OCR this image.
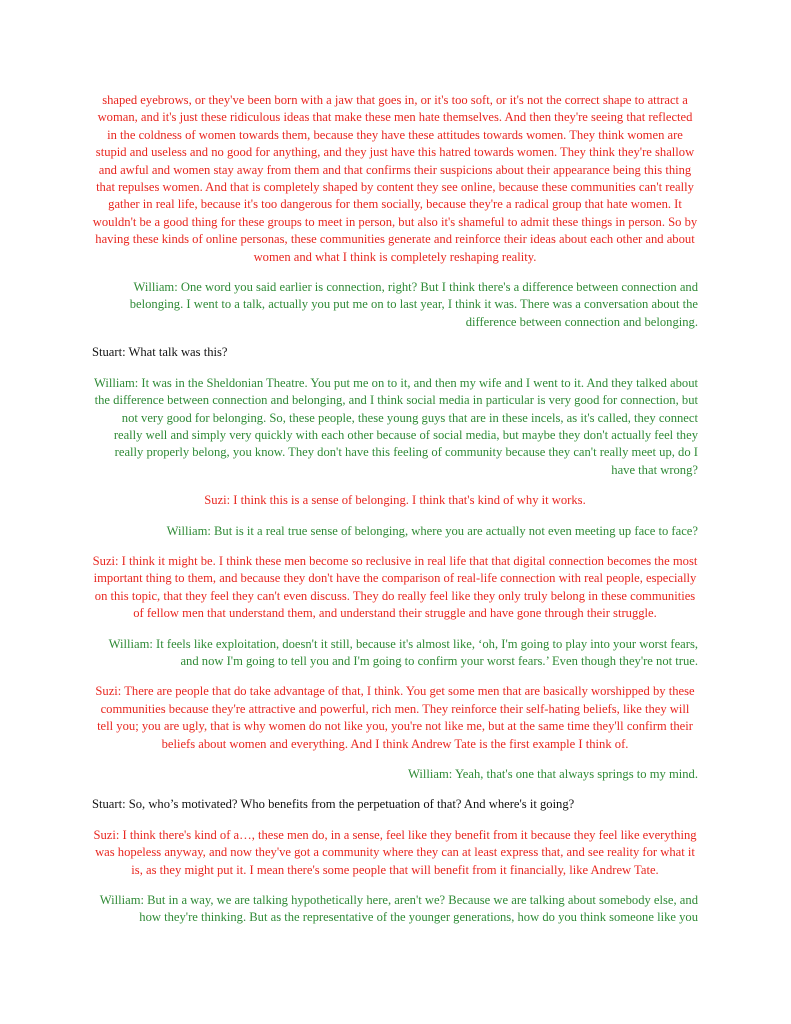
shaped eyebrows, or they've been born with a jaw that goes in, or it's too soft, or it's not the correct shape to attract a woman, and it's just these ridiculous ideas that make these men hate themselves. And then they're seeing that reflected in the coldness of women towards them, because they have these attitudes towards women. They think women are stupid and useless and no good for anything, and they just have this hatred towards women. They think they're shallow and awful and women stay away from them and that confirms their suspicions about their appearance being this thing that repulses women. And that is completely shaped by content they see online, because these communities can't really gather in real life, because it's too dangerous for them socially, because they're a radical group that hate women. It wouldn't be a good thing for these groups to meet in person, but also it's shameful to admit these things in person. So by having these kinds of online personas, these communities generate and reinforce their ideas about each other and about women and what I think is completely reshaping reality.

William: One word you said earlier is connection, right? But I think there's a difference between connection and belonging. I went to a talk, actually you put me on to last year, I think it was. There was a conversation about the difference between connection and belonging.

Stuart: What talk was this?

William: It was in the Sheldonian Theatre. You put me on to it, and then my wife and I went to it. And they talked about the difference between connection and belonging, and I think social media in particular is very good for connection, but not very good for belonging. So, these people, these young guys that are in these incels, as it's called, they connect really well and simply very quickly with each other because of social media, but maybe they don't actually feel they really properly belong, you know. They don't have this feeling of community because they can't really meet up, do I have that wrong?

Suzi: I think this is a sense of belonging. I think that's kind of why it works.

William: But is it a real true sense of belonging, where you are actually not even meeting up face to face?

Suzi: I think it might be. I think these men become so reclusive in real life that that digital connection becomes the most important thing to them, and because they don't have the comparison of real-life connection with real people, especially on this topic, that they feel they can't even discuss. They do really feel like they only truly belong in these communities of fellow men that understand them, and understand their struggle and have gone through their struggle.

William: It feels like exploitation, doesn't it still, because it's almost like, ‘oh, I'm going to play into your worst fears, and now I'm going to tell you and I'm going to confirm your worst fears.’ Even though they're not true.

Suzi: There are people that do take advantage of that, I think. You get some men that are basically worshipped by these communities because they're attractive and powerful, rich men. They reinforce their self-hating beliefs, like they will tell you; you are ugly, that is why women do not like you, you're not like me, but at the same time they'll confirm their beliefs about women and everything. And I think Andrew Tate is the first example I think of.

William: Yeah, that's one that always springs to my mind.

Stuart: So, who’s motivated? Who benefits from the perpetuation of that? And where's it going?

Suzi: I think there's kind of a…, these men do, in a sense, feel like they benefit from it because they feel like everything was hopeless anyway, and now they've got a community where they can at least express that, and see reality for what it is, as they might put it. I mean there's some people that will benefit from it financially, like Andrew Tate.

William: But in a way, we are talking hypothetically here, aren't we? Because we are talking about somebody else, and how they're thinking. But as the representative of the younger generations, how do you think someone like you
